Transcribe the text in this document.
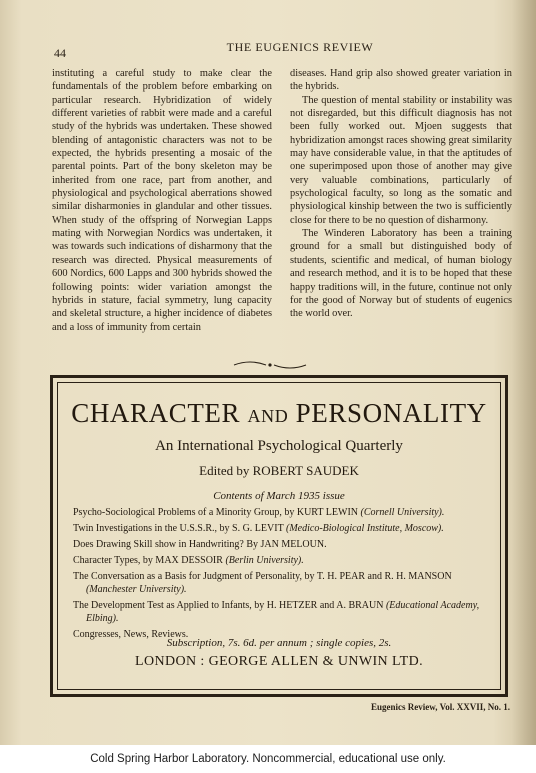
44	THE EUGENICS REVIEW

instituting a careful study to make clear the fundamentals of the problem before embarking on particular research. Hybridization of widely different varieties of rabbit were made and a careful study of the hybrids was undertaken. These showed blending of antagonistic characters was not to be expected, the hybrids presenting a mosaic of the parental points. Part of the bony skeleton may be inherited from one race, part from another, and physiological and psychological aberrations showed similar disharmonies in glandular and other tissues. When study of the offspring of Norwegian Lapps mating with Norwegian Nordics was undertaken, it was towards such indications of disharmony that the research was directed. Physical measurements of 600 Nordics, 600 Lapps and 300 hybrids showed the following points: wider variation amongst the hybrids in stature, facial symmetry, lung capacity and skeletal structure, a higher incidence of diabetes and a loss of immunity from certain

diseases. Hand grip also showed greater variation in the hybrids.

The question of mental stability or instability was not disregarded, but this difficult diagnosis has not been fully worked out. Mjoen suggests that hybridization amongst races showing great similarity may have considerable value, in that the aptitudes of one superimposed upon those of another may give very valuable combinations, particularly of psychological faculty, so long as the somatic and physiological kinship between the two is sufficiently close for there to be no question of disharmony.

The Winderen Laboratory has been a training ground for a small but distinguished body of students, scientific and medical, of human biology and research method, and it is to be hoped that these happy traditions will, in the future, continue not only for the good of Norway but of students of eugenics the world over.

CHARACTER AND PERSONALITY
An International Psychological Quarterly
Edited by ROBERT SAUDEK
Contents of March 1935 issue
Psycho-Sociological Problems of a Minority Group, by KURT LEWIN (Cornell University).
Twin Investigations in the U.S.S.R., by S. G. LEVIT (Medico-Biological Institute, Moscow).
Does Drawing Skill show in Handwriting? By JAN MELOUN.
Character Types, by MAX DESSOIR (Berlin University).
The Conversation as a Basis for Judgment of Personality, by T. H. PEAR and R. H. MANSON (Manchester University).
The Development Test as Applied to Infants, by H. HETZER and A. BRAUN (Educational Academy, Elbing).
Congresses, News, Reviews.
Subscription, 7s. 6d. per annum ; single copies, 2s.
LONDON : GEORGE ALLEN & UNWIN LTD.
Eugenics Review, Vol. XXVII, No. 1.
Cold Spring Harbor Laboratory. Noncommercial, educational use only.
